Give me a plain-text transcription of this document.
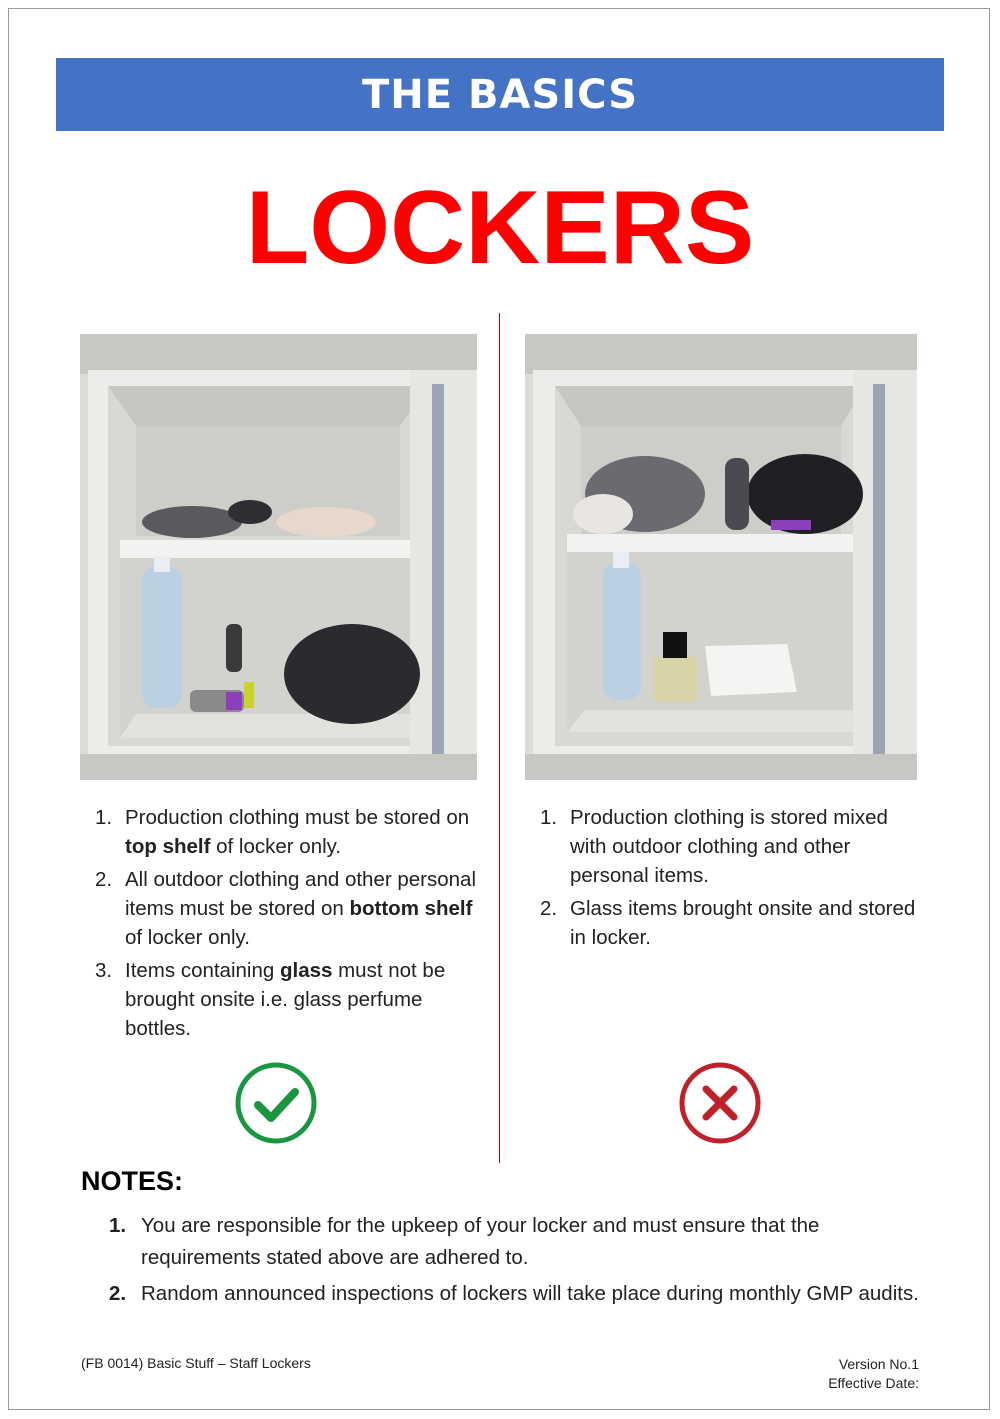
THE BASICS
LOCKERS
1. Production clothing must be stored on top shelf of locker only.
2. All outdoor clothing and other personal items must be stored on bottom shelf of locker only.
3. Items containing glass must not be brought onsite i.e. glass perfume bottles.
1. Production clothing is stored mixed with outdoor clothing and other personal items.
2. Glass items brought onsite and stored in locker.
NOTES:
1. You are responsible for the upkeep of your locker and must ensure that the requirements stated above are adhered to.
2. Random announced inspections of lockers will take place during monthly GMP audits.
(FB 0014) Basic Stuff – Staff Lockers	Version No.1
Effective Date:
